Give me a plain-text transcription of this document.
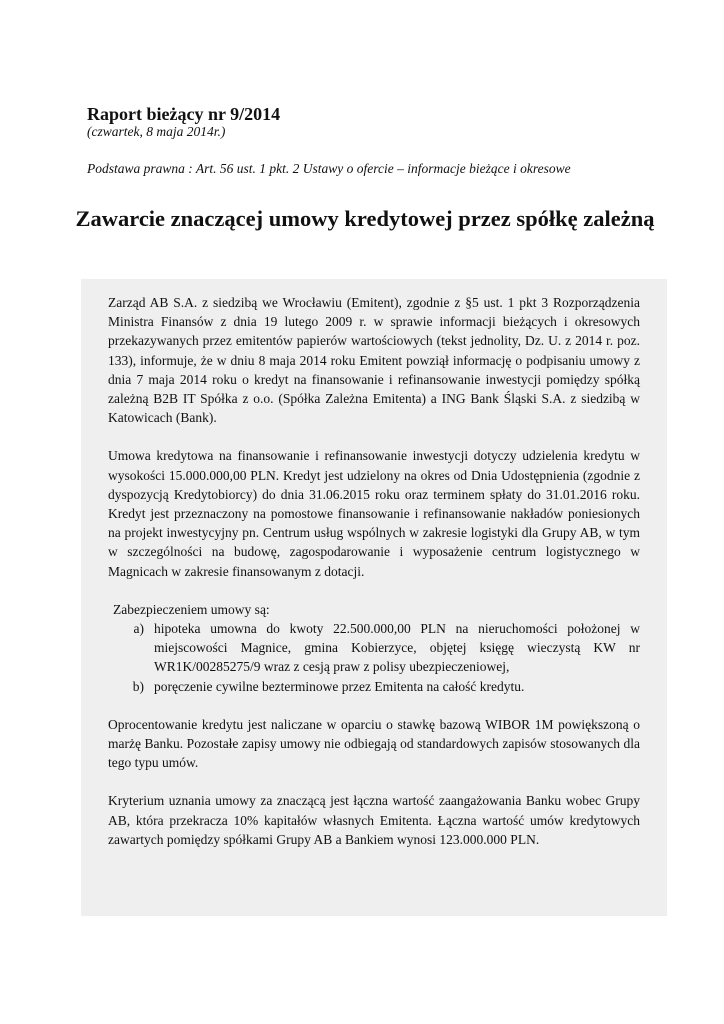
Raport bieżący nr 9/2014

(czwartek, 8 maja 2014r.)

Podstawa prawna : Art. 56 ust. 1 pkt. 2 Ustawy o ofercie – informacje bieżące i okresowe

Zawarcie znaczącej umowy kredytowej przez spółkę zależną

Zarząd AB S.A. z siedzibą we Wrocławiu (Emitent), zgodnie z §5 ust. 1 pkt 3 Rozporządzenia Ministra Finansów z dnia 19 lutego 2009 r. w sprawie informacji bieżących i okresowych przekazywanych przez emitentów papierów wartościowych (tekst jednolity, Dz. U. z 2014 r. poz. 133), informuje, że w dniu 8 maja 2014 roku Emitent powziął informację o podpisaniu umowy z dnia 7 maja 2014 roku o kredyt na finansowanie i refinansowanie inwestycji pomiędzy spółką zależną B2B IT Spółka z o.o. (Spółka Zależna Emitenta) a ING Bank Śląski S.A. z siedzibą w Katowicach (Bank).

Umowa kredytowa na finansowanie i refinansowanie inwestycji dotyczy udzielenia kredytu w wysokości 15.000.000,00 PLN. Kredyt jest udzielony na okres od Dnia Udostępnienia (zgodnie z dyspozycją Kredytobiorcy) do dnia 31.06.2015 roku oraz terminem spłaty do 31.01.2016 roku. Kredyt jest przeznaczony na pomostowe finansowanie i refinansowanie nakładów poniesionych na projekt inwestycyjny pn. Centrum usług wspólnych w zakresie logistyki dla Grupy AB, w tym w szczególności na budowę, zagospodarowanie i wyposażenie centrum logistycznego w Magnicach w zakresie finansowanym z dotacji.

Zabezpieczeniem umowy są:

a) hipoteka umowna do kwoty 22.500.000,00 PLN na nieruchomości położonej w miejscowości Magnice, gmina Kobierzyce, objętej księgę wieczystą KW nr WR1K/00285275/9 wraz z cesją praw z polisy ubezpieczeniowej,
b) poręczenie cywilne bezterminowe przez Emitenta na całość kredytu.

Oprocentowanie kredytu jest naliczane w oparciu o stawkę bazową WIBOR 1M powiększoną o marżę Banku. Pozostałe zapisy umowy nie odbiegają od standardowych zapisów stosowanych dla tego typu umów.

Kryterium uznania umowy za znaczącą jest łączna wartość zaangażowania Banku wobec Grupy AB, która przekracza 10% kapitałów własnych Emitenta. Łączna wartość umów kredytowych zawartych pomiędzy spółkami Grupy AB a Bankiem wynosi 123.000.000 PLN.
